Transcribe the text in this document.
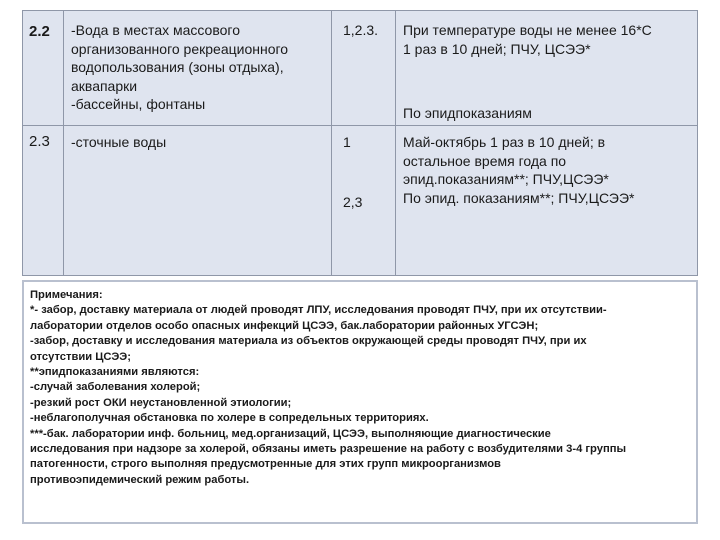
2.2 -Вода в местах массового
организованного рекреационного
водопользования (зоны отдыха),
аквапарки
-бассейны, фонтаны
1,2.3. При температуре воды не менее 16*С
1 раз в 10 дней; ПЧУ, ЦСЭЭ*
По эпидпоказаниям
2.3 -сточные воды	1
2,3
Май-октябрь 1 раз в 10 дней; в
остальное время года по
эпид.показаниям**; ПЧУ,ЦСЭЭ*
По эпид. показаниям**; ПЧУ,ЦСЭЭ*
Примечания:
*- забор, доставку материала от людей проводят ЛПУ, исследования проводят ПЧУ, при их отсутствии-
лаборатории отделов особо опасных инфекций ЦСЭЭ, бак.лаборатории районных УГСЭН;
-забор, доставку и исследования материала из объектов окружающей среды проводят ПЧУ, при их
отсутствии ЦСЭЭ;
**эпидпоказаниями являются:
-случай заболевания холерой;
-резкий рост ОКИ неустановленной этиологии;
-неблагополучная обстановка по холере в сопредельных территориях.
***-бак. лаборатории инф. больниц, мед.организаций, ЦСЭЭ, выполняющие диагностические
исследования при надзоре за холерой, обязаны иметь разрешение на работу с возбудителями 3-4 группы
патогенности, строго выполняя предусмотренные для этих групп микроорганизмов
противоэпидемический режим работы.
